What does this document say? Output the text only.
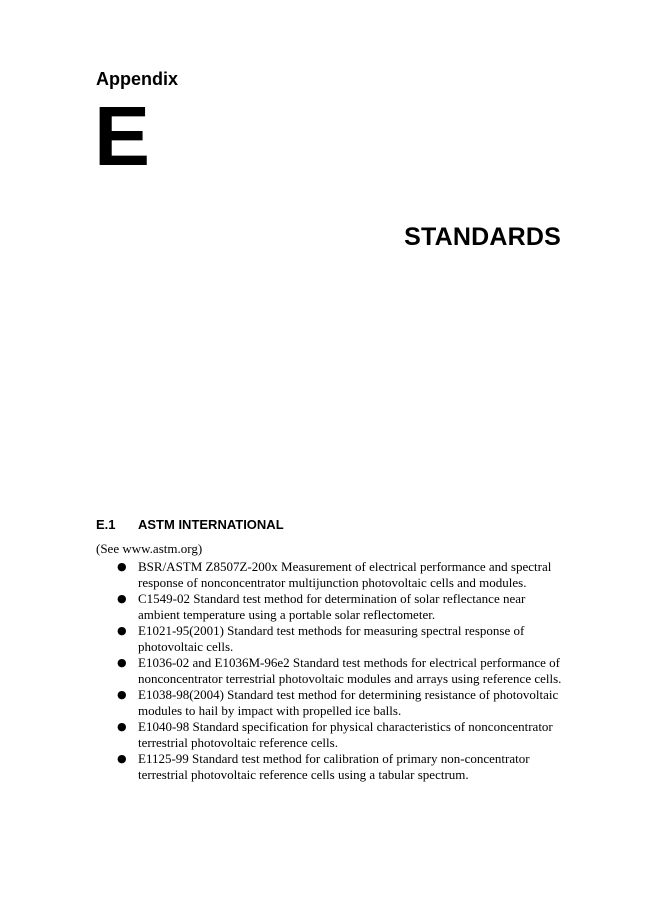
Appendix
E
STANDARDS
E.1 ASTM INTERNATIONAL
(See www.astm.org)
● BSR/ASTM Z8507Z-200x Measurement of electrical performance and spectral response of nonconcentrator multijunction photovoltaic cells and modules.
● C1549-02 Standard test method for determination of solar reflectance near ambient temperature using a portable solar reflectometer.
● E1021-95(2001) Standard test methods for measuring spectral response of photovoltaic cells.
● E1036-02 and E1036M-96e2 Standard test methods for electrical performance of nonconcentrator terrestrial photovoltaic modules and arrays using reference cells.
● E1038-98(2004) Standard test method for determining resistance of photovoltaic modules to hail by impact with propelled ice balls.
● E1040-98 Standard specification for physical characteristics of nonconcentrator terrestrial photovoltaic reference cells.
● E1125-99 Standard test method for calibration of primary non-concentrator terrestrial photovoltaic reference cells using a tabular spectrum.
